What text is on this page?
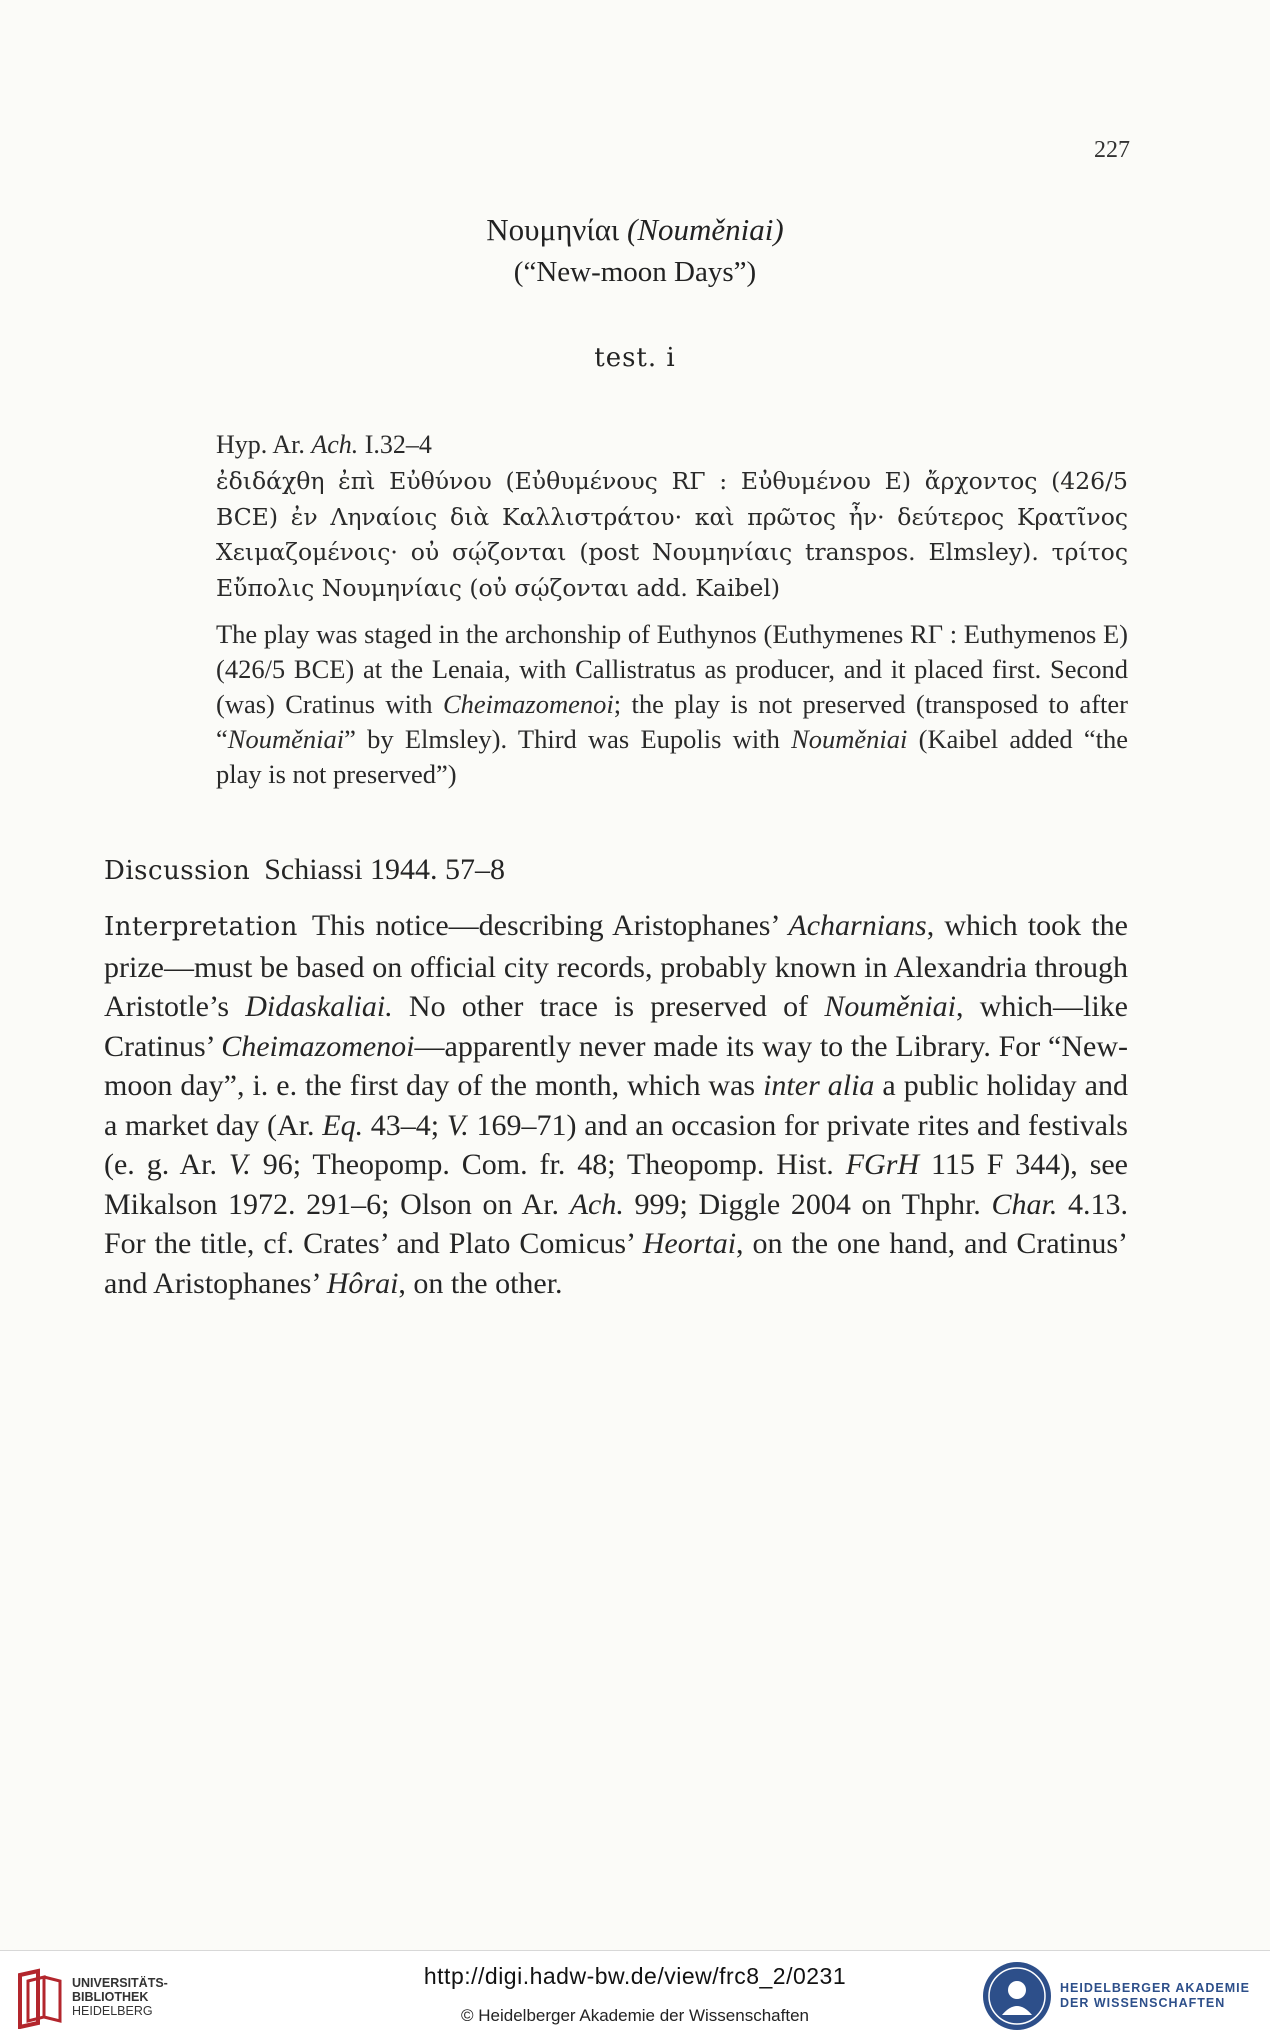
227
Νουμηνίαι (Nouměniai)
(“New-moon Days”)
test. i
Hyp. Ar. Ach. I.32–4
ἐδιδάχθη ἐπὶ Εὐθύνου (Εὐθυμένους RΓ : Εὐθυμένου E) ἄρχοντος (426/5 BCE) ἐν Ληναίοις διὰ Καλλιστράτου· καὶ πρῶτος ἦν· δεύτερος Κρατῖνος Χειμαζομένοις· οὐ σῴζονται (post Νουμηνίαις transpos. Elmsley). τρίτος Εὔπολις Νουμηνίαις (οὐ σῴζονται add. Kaibel)
The play was staged in the archonship of Euthynos (Euthymenes RΓ : Euthymenos E) (426/5 BCE) at the Lenaia, with Callistratus as producer, and it placed first. Second (was) Cratinus with Cheimazomenoi; the play is not preserved (transposed to after “Nouměniai” by Elmsley). Third was Eupolis with Nouměniai (Kaibel added “the play is not preserved”)
Discussion Schiassi 1944. 57–8
Interpretation This notice—describing Aristophanes’ Acharnians, which took the prize—must be based on official city records, probably known in Alexandria through Aristotle’s Didaskaliai. No other trace is preserved of Nouměniai, which—like Cratinus’ Cheimazomenoi—apparently never made its way to the Library. For “New-moon day”, i. e. the first day of the month, which was inter alia a public holiday and a market day (Ar. Eq. 43–4; V. 169–71) and an occasion for private rites and festivals (e. g. Ar. V. 96; Theopomp. Com. fr. 48; Theopomp. Hist. FGrH 115 F 344), see Mikalson 1972. 291–6; Olson on Ar. Ach. 999; Diggle 2004 on Thphr. Char. 4.13. For the title, cf. Crates’ and Plato Comicus’ Heortai, on the one hand, and Cratinus’ and Aristophanes’ Hôrai, on the other.
UNIVERSITÄTS-
BIBLIOTHEK
HEIDELBERG
http://digi.hadw-bw.de/view/frc8_2/0231
© Heidelberger Akademie der Wissenschaften
HEIDELBERGER AKADEMIE
DER WISSENSCHAFTEN
